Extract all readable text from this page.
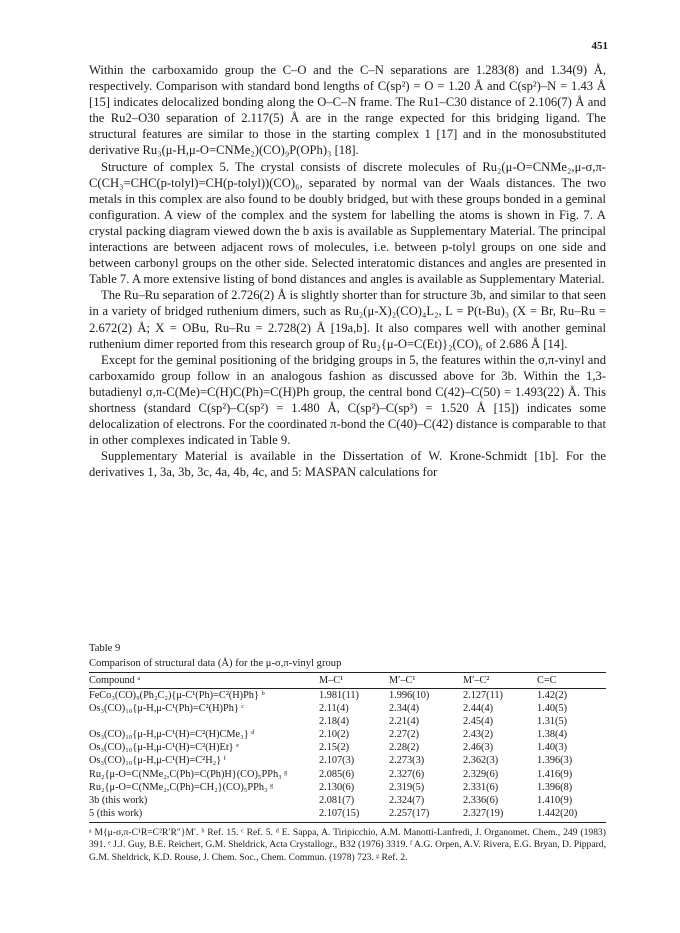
451

Within the carboxamido group the C–O and the C–N separations are 1.283(8) and 1.34(9) Å, respectively. Comparison with standard bond lengths of C(sp²) = O = 1.20 Å and C(sp²)–N = 1.43 Å [15] indicates delocalized bonding along the O–C–N frame. The Ru1–C30 distance of 2.106(7) Å and the Ru2–O30 separation of 2.117(5) Å are in the range expected for this bridging ligand. The structural features are similar to those in the starting complex 1 [17] and in the monosubstituted derivative Ru₃(μ-H,μ-O=CNMe₂)(CO)₉P(OPh)₃ [18].

Structure of complex 5. The crystal consists of discrete molecules of Ru₂(μ-O=CNMe₂,μ-σ,π-C(CH₃=CHC(p-tolyl)=CH(p-tolyl))(CO)₆, separated by normal van der Waals distances. The two metals in this complex are also found to be doubly bridged, but with these groups bonded in a geminal configuration. A view of the complex and the system for labelling the atoms is shown in Fig. 7. A crystal packing diagram viewed down the b axis is available as Supplementary Material. The principal interactions are between adjacent rows of molecules, i.e. between p-tolyl groups on one side and between carbonyl groups on the other side. Selected interatomic distances and angles are presented in Table 7. A more extensive listing of bond distances and angles is available as Supplementary Material.

The Ru–Ru separation of 2.726(2) Å is slightly shorter than for structure 3b, and similar to that seen in a variety of bridged ruthenium dimers, such as Ru₂(μ-X)₂(CO)₄L₂, L = P(t-Bu)₃ (X = Br, Ru–Ru = 2.672(2) Å; X = OBu, Ru–Ru = 2.728(2) Å [19a,b]. It also compares well with another geminal ruthenium dimer reported from this research group of Ru₂{μ-O=C(Et)}₂(CO)₆ of 2.686 Å [14].

Except for the geminal positioning of the bridging groups in 5, the features within the σ,π-vinyl and carboxamido group follow in an analogous fashion as discussed above for 3b. Within the 1,3-butadienyl σ,π-C(Me)=C(H)C(Ph)=C(H)Ph group, the central bond C(42)–C(50) = 1.493(22) Å. This shortness (standard C(sp²)–C(sp²) = 1.480 Å, C(sp²)–C(sp³) = 1.520 Å [15]) indicates some delocalization of electrons. For the coordinated π-bond the C(40)–C(42) distance is comparable to that in other complexes indicated in Table 9.

Supplementary Material is available in the Dissertation of W. Krone-Schmidt [1b]. For the derivatives 1, 3a, 3b, 3c, 4a, 4b, 4c, and 5: MASPAN calculations for

Table 9
Comparison of structural data (Å) for the μ-σ,π-vinyl group
Compound ᵃ	M–C¹	M′–C¹	M′–C²	C=C
FeCo₃(CO)₉(Ph₂C₂){μ-C¹(Ph)=C²(H)Ph} ᵇ	1.981(11)	1.996(10)	2.127(11)	1.42(2)
Os₃(CO)₁₀{μ-H,μ-C¹(Ph)=C²(H)Ph} ᶜ	2.11(4)	2.34(4)	2.44(4)	1.40(5)
	2.18(4)	2.21(4)	2.45(4)	1.31(5)
Os₃(CO)₁₀{μ-H,μ-C¹(H)=C²(H)CMe₃} ᵈ	2.10(2)	2.27(2)	2.43(2)	1.38(4)
Os₃(CO)₁₀{μ-H,μ-C¹(H)=C²(H)Et} ᵉ	2.15(2)	2.28(2)	2.46(3)	1.40(3)
Os₃(CO)₁₀{μ-H,μ-C¹(H)=C²H₂} ᶠ	2.107(3)	2.273(3)	2.362(3)	1.396(3)
Ru₂{μ-O=C(NMe₂,C(Ph)=C(Ph)H}(CO)₅PPh₃ ᵍ	2.085(6)	2.327(6)	2.329(6)	1.416(9)
Ru₂{μ-O=C(NMe₂,C(Ph)=CH₂}(CO)₅PPh₃ ᵍ	2.130(6)	2.319(5)	2.331(6)	1.396(8)
3b (this work)	2.081(7)	2.324(7)	2.336(6)	1.410(9)
5 (this work)	2.107(15)	2.257(17)	2.327(19)	1.442(20)

ᵃ M{μ-σ,π-C¹R=C²R′R″}M′. ᵇ Ref. 15. ᶜ Ref. 5. ᵈ E. Sappa, A. Tiripicchio, A.M. Manotti-Lanfredi, J. Organomet. Chem., 249 (1983) 391. ᵉ J.J. Guy, B.E. Reichert, G.M. Sheldrick, Acta Crystallogr., B32 (1976) 3319. ᶠ A.G. Orpen, A.V. Rivera, E.G. Bryan, D. Pippard, G.M. Sheldrick, K.D. Rouse, J. Chem. Soc., Chem. Commun. (1978) 723. ᵍ Ref. 2.
